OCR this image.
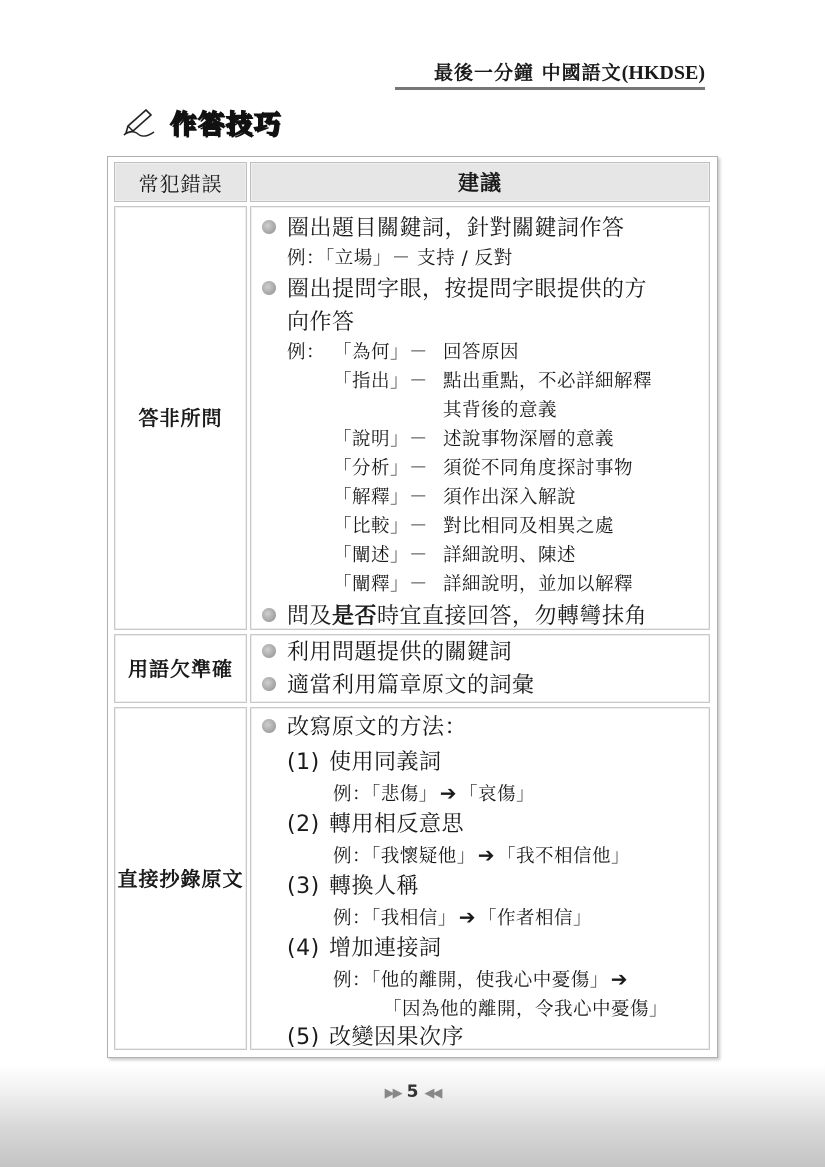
最後一分鐘 中國語文(HKDSE)
作答技巧
常犯錯誤	建議
答非所問
圈出題目關鍵詞，針對關鍵詞作答
例：「立場」－ 支持 / 反對
圈出提問字眼，按提問字眼提供的方
向作答
例： 「為何」－ 回答原因
「指出」－ 點出重點，不必詳細解釋
其背後的意義
「說明」－ 述說事物深層的意義
「分析」－ 須從不同角度探討事物
「解釋」－ 須作出深入解說
「比較」－ 對比相同及相異之處
「闡述」－ 詳細說明、陳述
「闡釋」－ 詳細說明，並加以解釋
問及是否時宜直接回答，勿轉彎抹角
用語欠準確
利用問題提供的關鍵詞
適當利用篇章原文的詞彙
直接抄錄 原文
改寫原文的方法：
(1) 使用同義詞
例：「悲傷」 ➔ 「哀傷」
(2) 轉用相反意思
例：「我懷疑他」 ➔ 「我不相信他」
(3) 轉換人稱
例：「我相信」 ➔ 「作者相信」
(4) 增加連接詞
例：「他的離開，使我心中憂傷」 ➔
「因為他的離開，令我心中憂傷」
(5) 改變因果次序
▶▶ 5 ◀◀
